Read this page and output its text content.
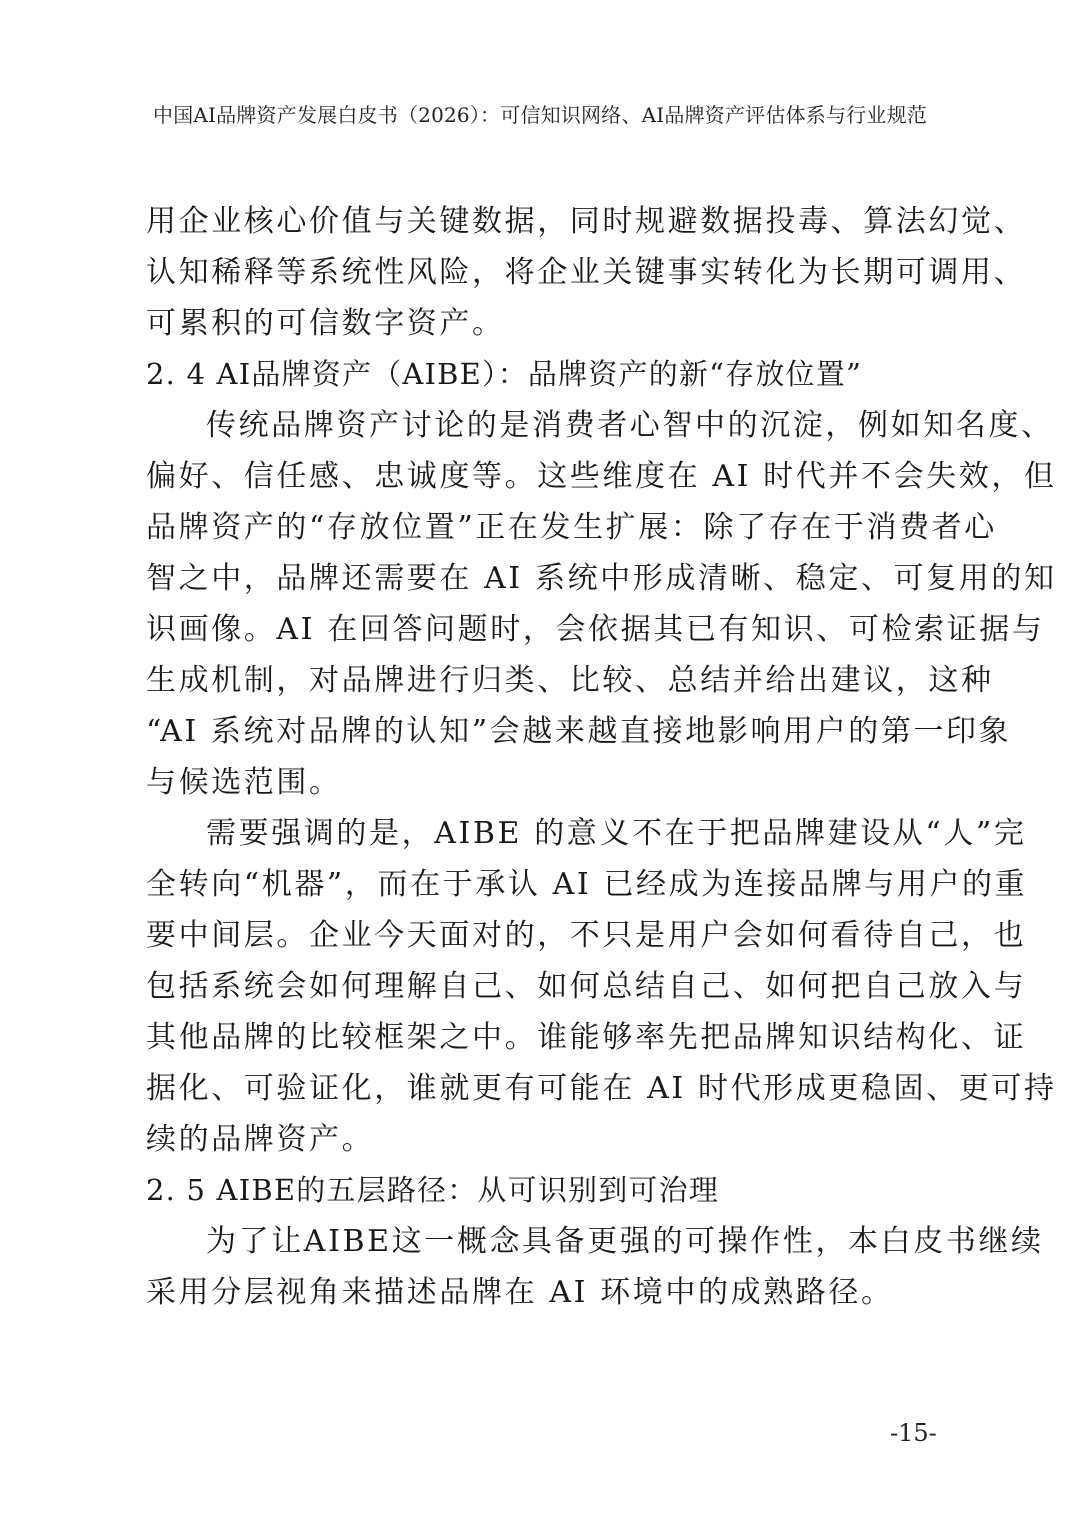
中国AI品牌资产发展白皮书（2026）：可信知识网络、AI品牌资产评估体系与行业规范
用企业核心价值与关键数据，同时规避数据投毒、算法幻觉、
认知稀释等系统性风险，将企业关键事实转化为长期可调用、
可累积的可信数字资产。
2. 4 AI品牌资产（AIBE）：品牌资产的新“存放位置”
传统品牌资产讨论的是消费者心智中的沉淀，例如知名度、
偏好、信任感、忠诚度等。这些维度在 AI 时代并不会失效，但
品牌资产的“存放位置”正在发生扩展：除了存在于消费者心
智之中，品牌还需要在 AI 系统中形成清晰、稳定、可复用的知
识画像。AI 在回答问题时，会依据其已有知识、可检索证据与
生成机制，对品牌进行归类、比较、总结并给出建议，这种
“AI 系统对品牌的认知”会越来越直接地影响用户的第一印象
与候选范围。
需要强调的是，AIBE 的意义不在于把品牌建设从“人”完
全转向“机器”，而在于承认 AI 已经成为连接品牌与用户的重
要中间层。企业今天面对的，不只是用户会如何看待自己，也
包括系统会如何理解自己、如何总结自己、如何把自己放入与
其他品牌的比较框架之中。谁能够率先把品牌知识结构化、证
据化、可验证化，谁就更有可能在 AI 时代形成更稳固、更可持
续的品牌资产。
2. 5 AIBE的五层路径：从可识别到可治理
为了让AIBE这一概念具备更强的可操作性，本白皮书继续
采用分层视角来描述品牌在 AI 环境中的成熟路径。
-15-
